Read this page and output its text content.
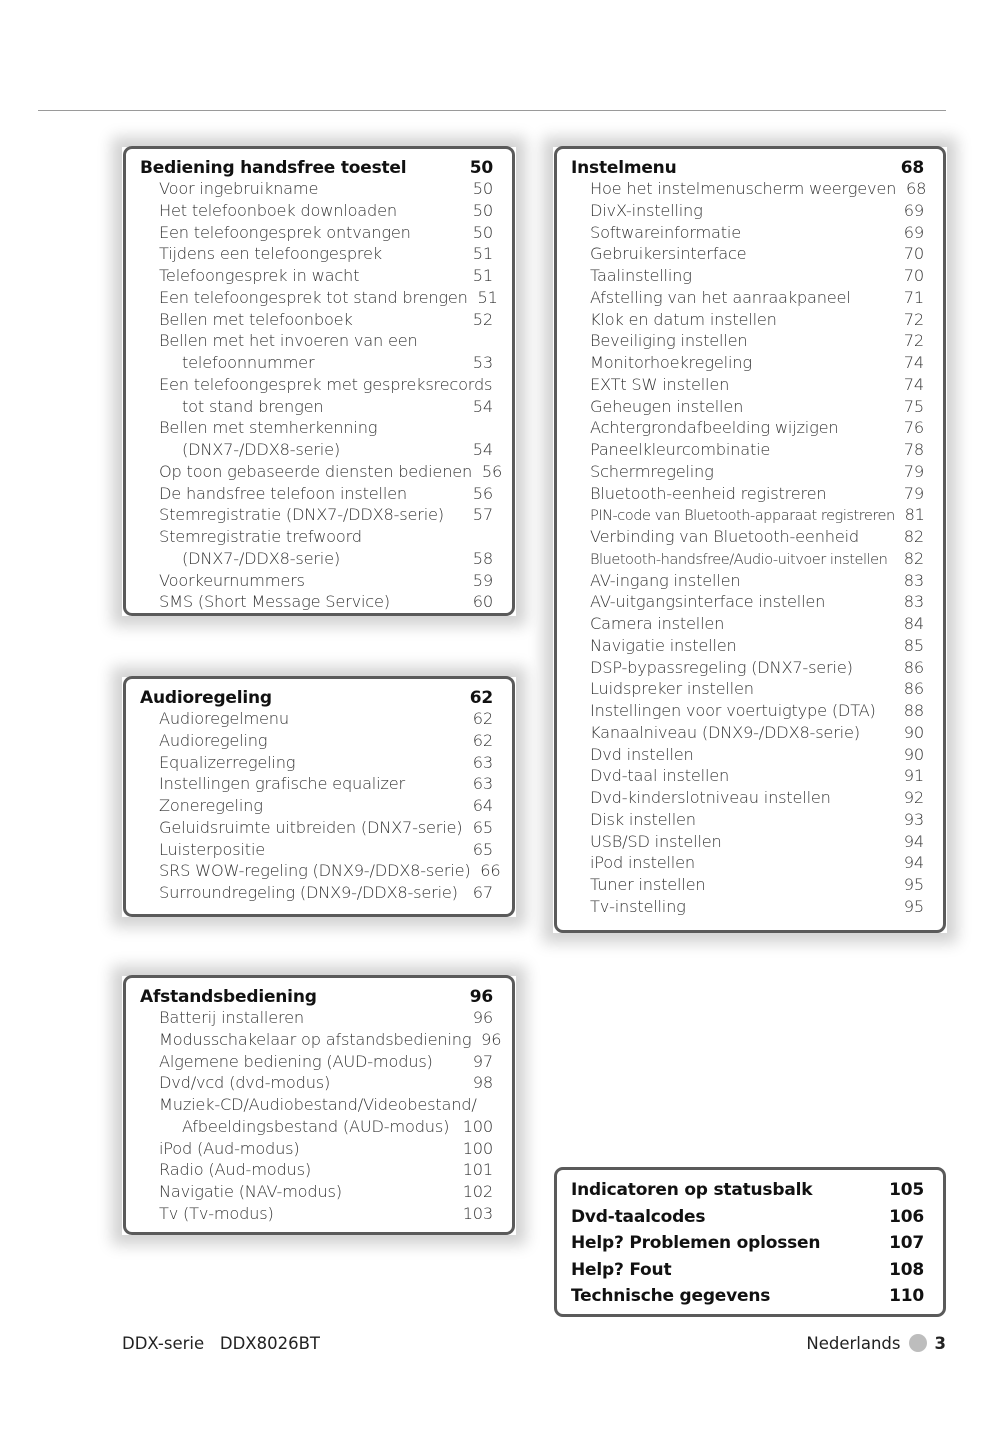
Bediening handsfree toestel	50
Voor ingebruikname	50
Het telefoonboek downloaden	50
Een telefoongesprek ontvangen	50
Tijdens een telefoongesprek	51
Telefoongesprek in wacht	51
Een telefoongesprek tot stand brengen 51
Bellen met telefoonboek	52
Bellen met het invoeren van een
telefoonnummer	53
Een telefoongesprek met gespreksrecords
tot stand brengen	54
Bellen met stemherkenning
(DNX7-/DDX8-serie)	54
Op toon gebaseerde diensten bedienen 56
De handsfree telefoon instellen	56
Stemregistratie (DNX7-/DDX8-serie)	57
Stemregistratie trefwoord
(DNX7-/DDX8-serie)	58
Voorkeurnummers	59
SMS (Short Message Service)	60
Audioregeling	62
Audioregelmenu	62
Audioregeling	62
Equalizerregeling	63
Instellingen grafische equalizer	63
Zoneregeling	64
Geluidsruimte uitbreiden (DNX7-serie) 65
Luisterpositie	65
SRS WOW-regeling (DNX9-/DDX8-serie) 66
Surroundregeling (DNX9-/DDX8-serie) 67
Afstandsbediening	96
Batterij installeren	96
Modusschakelaar op afstandsbediening 96
Algemene bediening (AUD-modus)	97
Dvd/vcd (dvd-modus)	98
Muziek-CD/Audiobestand/Videobestand/
Afbeeldingsbestand (AUD-modus) 100
iPod (Aud-modus)	100
Radio (Aud-modus)	101
Navigatie (NAV-modus)	102
Tv (Tv-modus)	103
Instelmenu	68
Hoe het instelmenuscherm weergeven 68
DivX-instelling	69
Softwareinformatie	69
Gebruikersinterface	70
Taalinstelling	70
Afstelling van het aanraakpaneel	71
Klok en datum instellen	72
Beveiliging instellen	72
Monitorhoekregeling	74
EXTt SW instellen	74
Geheugen instellen	75
Achtergrondafbeelding wijzigen	76
Paneelkleurcombinatie	78
Schermregeling	79
Bluetooth-eenheid registreren	79
PIN-code van Bluetooth-apparaat registreren 81
Verbinding van Bluetooth-eenheid	82
Bluetooth-handsfree/Audio-uitvoer instellen	82
AV-ingang instellen	83
AV-uitgangsinterface instellen	83
Camera instellen	84
Navigatie instellen	85
DSP-bypassregeling (DNX7-serie)	86
Luidspreker instellen	86
Instellingen voor voertuigtype (DTA)	88
Kanaalniveau (DNX9-/DDX8-serie)	90
Dvd instellen	90
Dvd-taal instellen	91
Dvd-kinderslotniveau instellen	92
Disk instellen	93
USB/SD instellen	94
iPod instellen	94
Tuner instellen	95
Tv-instelling	95
Indicatoren op statusbalk	105
Dvd-taalcodes	106
Help? Problemen oplossen	107
Help? Fout	108
Technische gegevens	110
DDX-serie DDX8026BT	Nederlands 3
